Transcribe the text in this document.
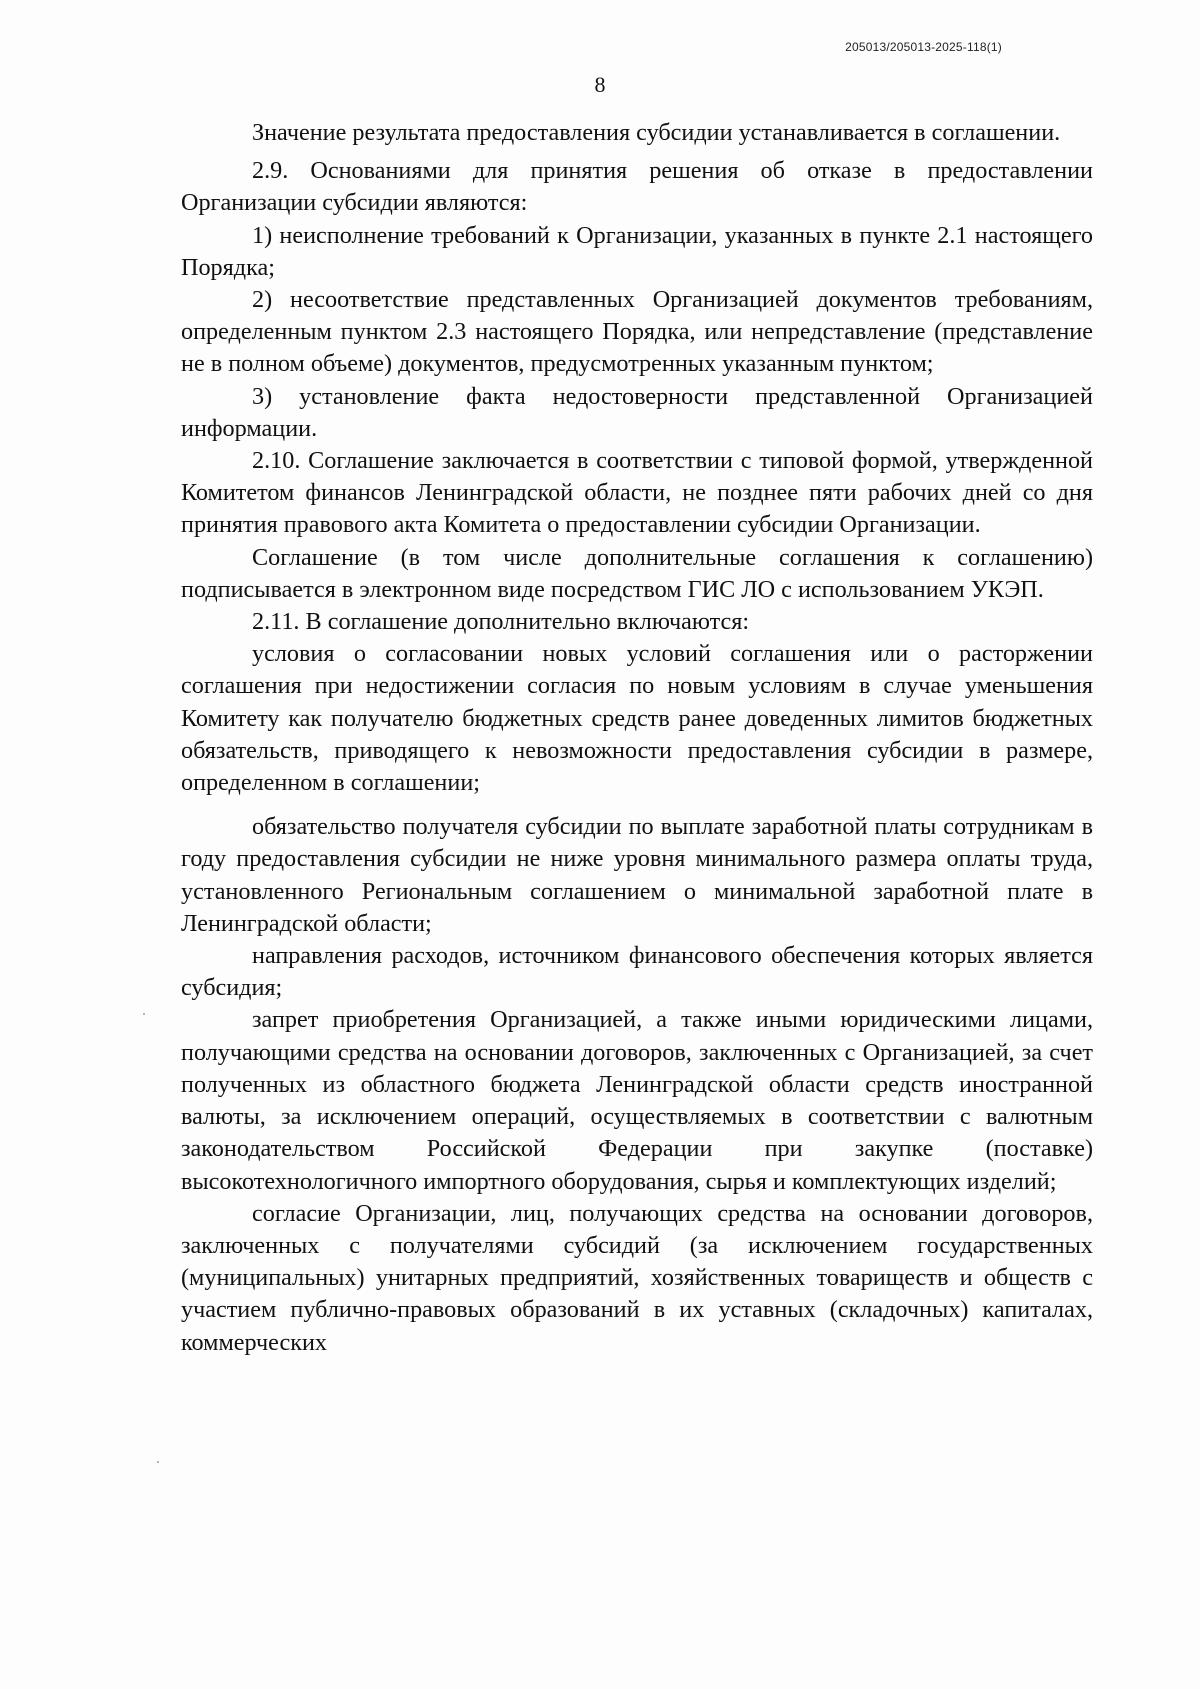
205013/205013-2025-118(1)
8

Значение результата предоставления субсидии устанавливается в соглашении.

2.9. Основаниями для принятия решения об отказе в предоставлении Организации субсидии являются:

1) неисполнение требований к Организации, указанных в пункте 2.1 настоящего Порядка;

2) несоответствие представленных Организацией документов требованиям, определенным пунктом 2.3 настоящего Порядка, или непредставление (представление не в полном объеме) документов, предусмотренных указанным пунктом;

3) установление факта недостоверности представленной Организацией информации.

2.10. Соглашение заключается в соответствии с типовой формой, утвержденной Комитетом финансов Ленинградской области, не позднее пяти рабочих дней со дня принятия правового акта Комитета о предоставлении субсидии Организации.

Соглашение (в том числе дополнительные соглашения к соглашению) подписывается в электронном виде посредством ГИС ЛО с использованием УКЭП.

2.11. В соглашение дополнительно включаются:

условия о согласовании новых условий соглашения или о расторжении соглашения при недостижении согласия по новым условиям в случае уменьшения Комитету как получателю бюджетных средств ранее доведенных лимитов бюджетных обязательств, приводящего к невозможности предоставления субсидии в размере, определенном в соглашении;

обязательство получателя субсидии по выплате заработной платы сотрудникам в году предоставления субсидии не ниже уровня минимального размера оплаты труда, установленного Региональным соглашением о минимальной заработной плате в Ленинградской области;

направления расходов, источником финансового обеспечения которых является субсидия;

запрет приобретения Организацией, а также иными юридическими лицами, получающими средства на основании договоров, заключенных с Организацией, за счет полученных из областного бюджета Ленинградской области средств иностранной валюты, за исключением операций, осуществляемых в соответствии с валютным законодательством Российской Федерации при закупке (поставке) высокотехнологичного импортного оборудования, сырья и комплектующих изделий;

согласие Организации, лиц, получающих средства на основании договоров, заключенных с получателями субсидий (за исключением государственных (муниципальных) унитарных предприятий, хозяйственных товариществ и обществ с участием публично-правовых образований в их уставных (складочных) капиталах, коммерческих
